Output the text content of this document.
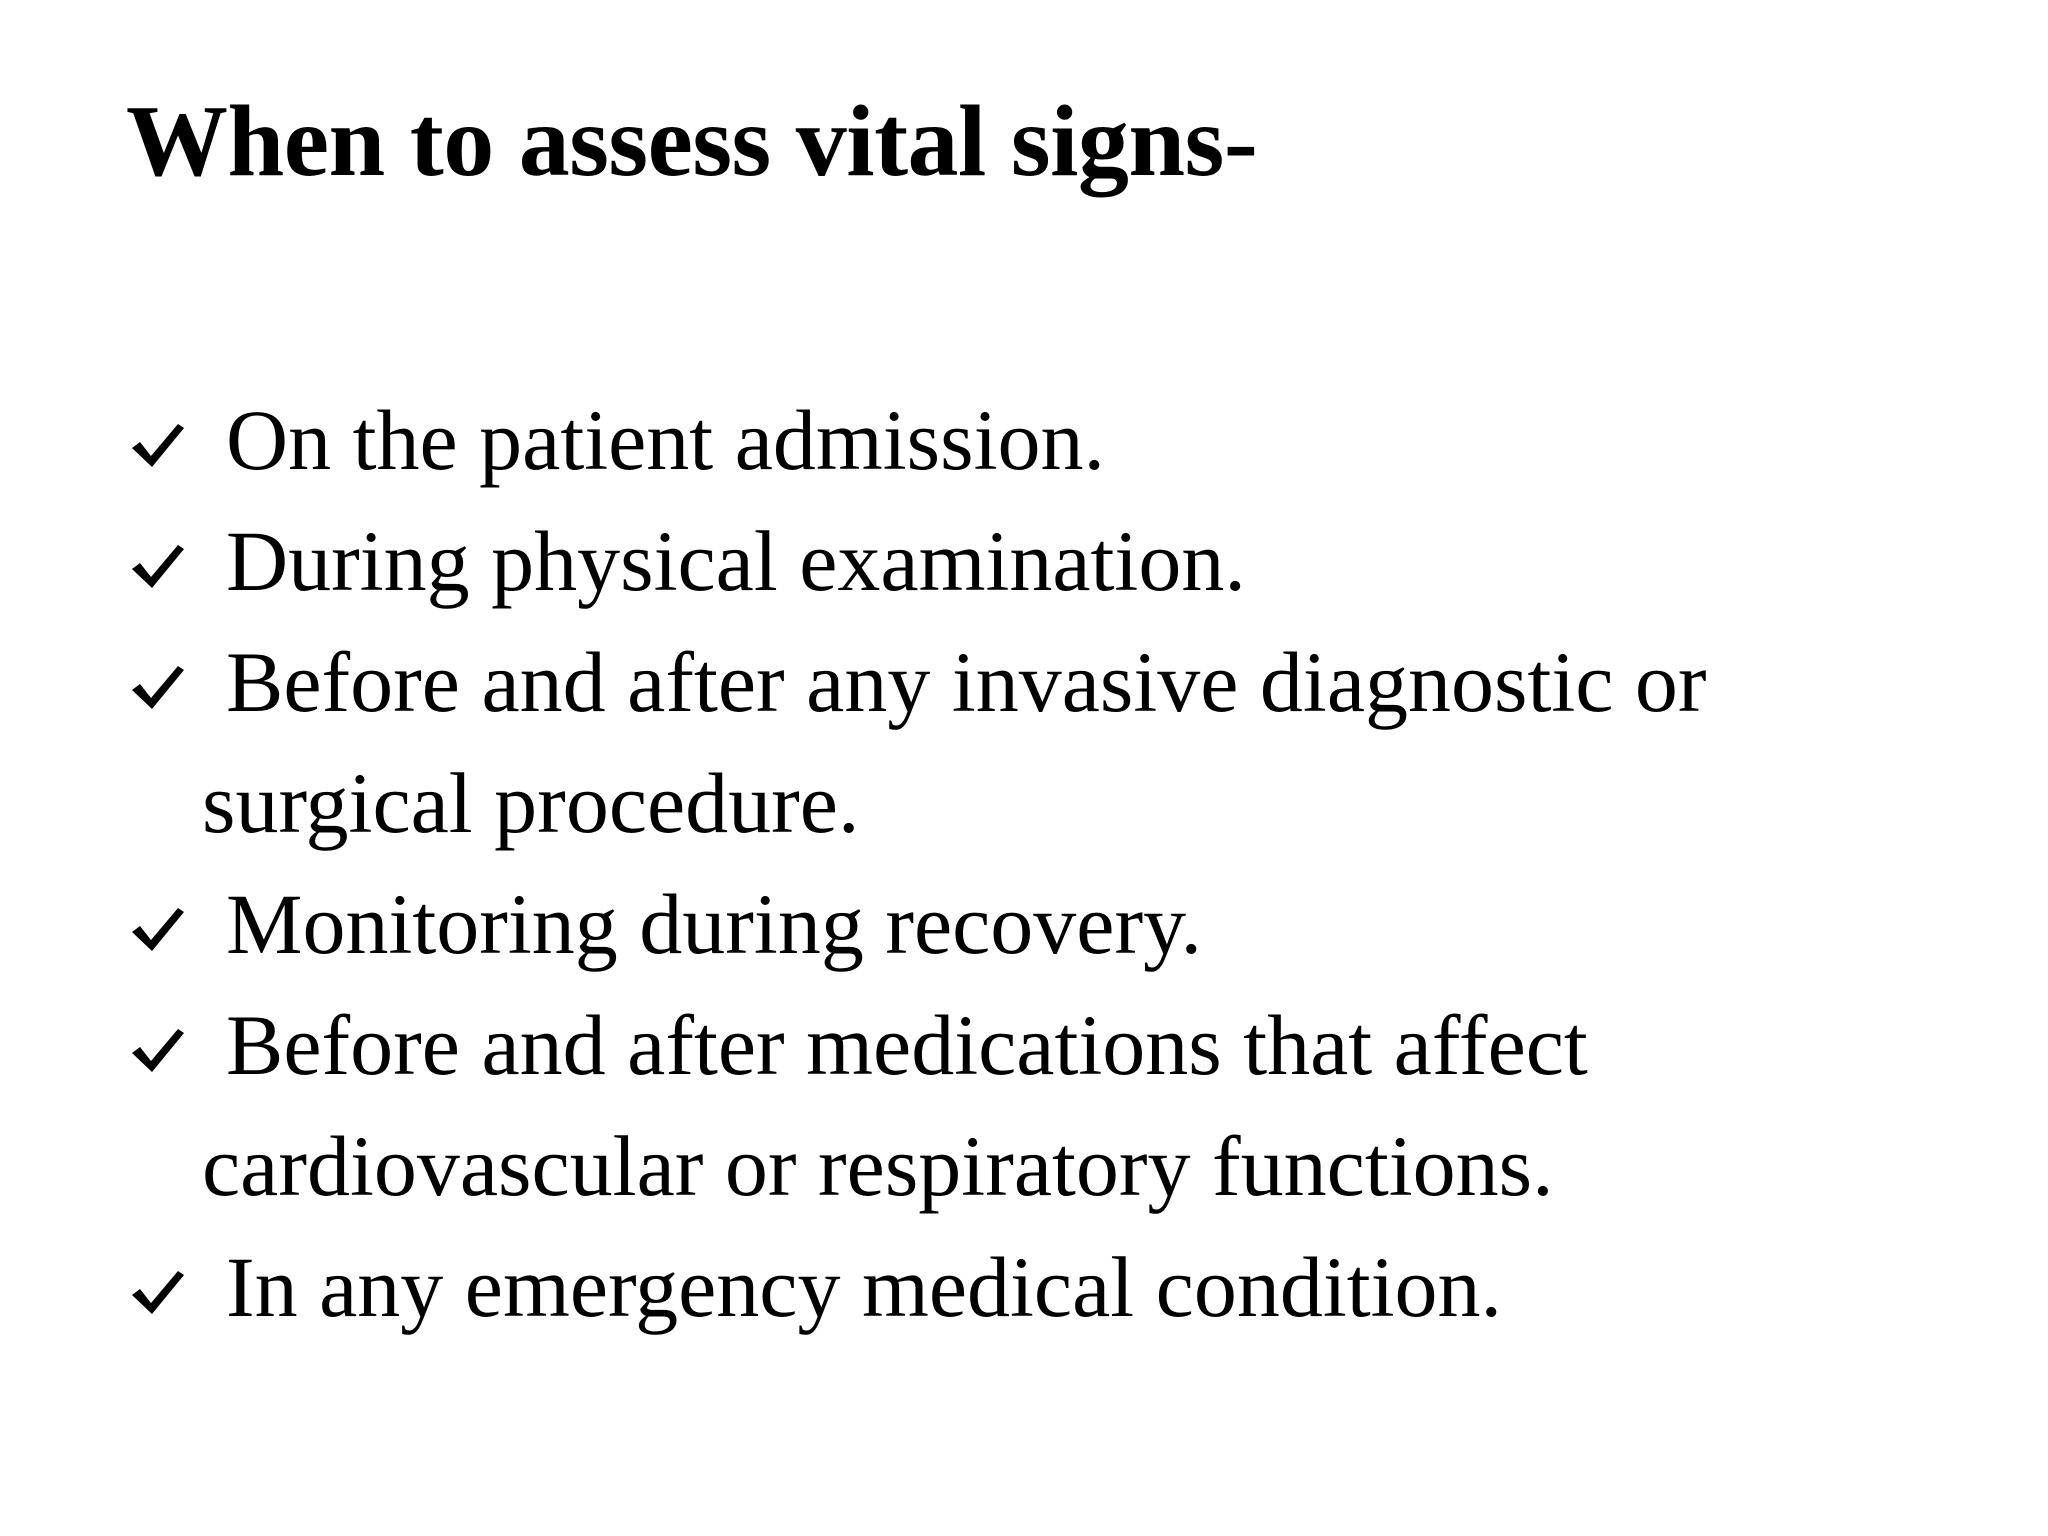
When to assess vital signs-
On the patient admission.
During physical examination.
Before and after any invasive diagnostic or surgical procedure.
Monitoring during recovery.
Before and after medications that affect cardiovascular or respiratory functions.
In any emergency medical condition.
